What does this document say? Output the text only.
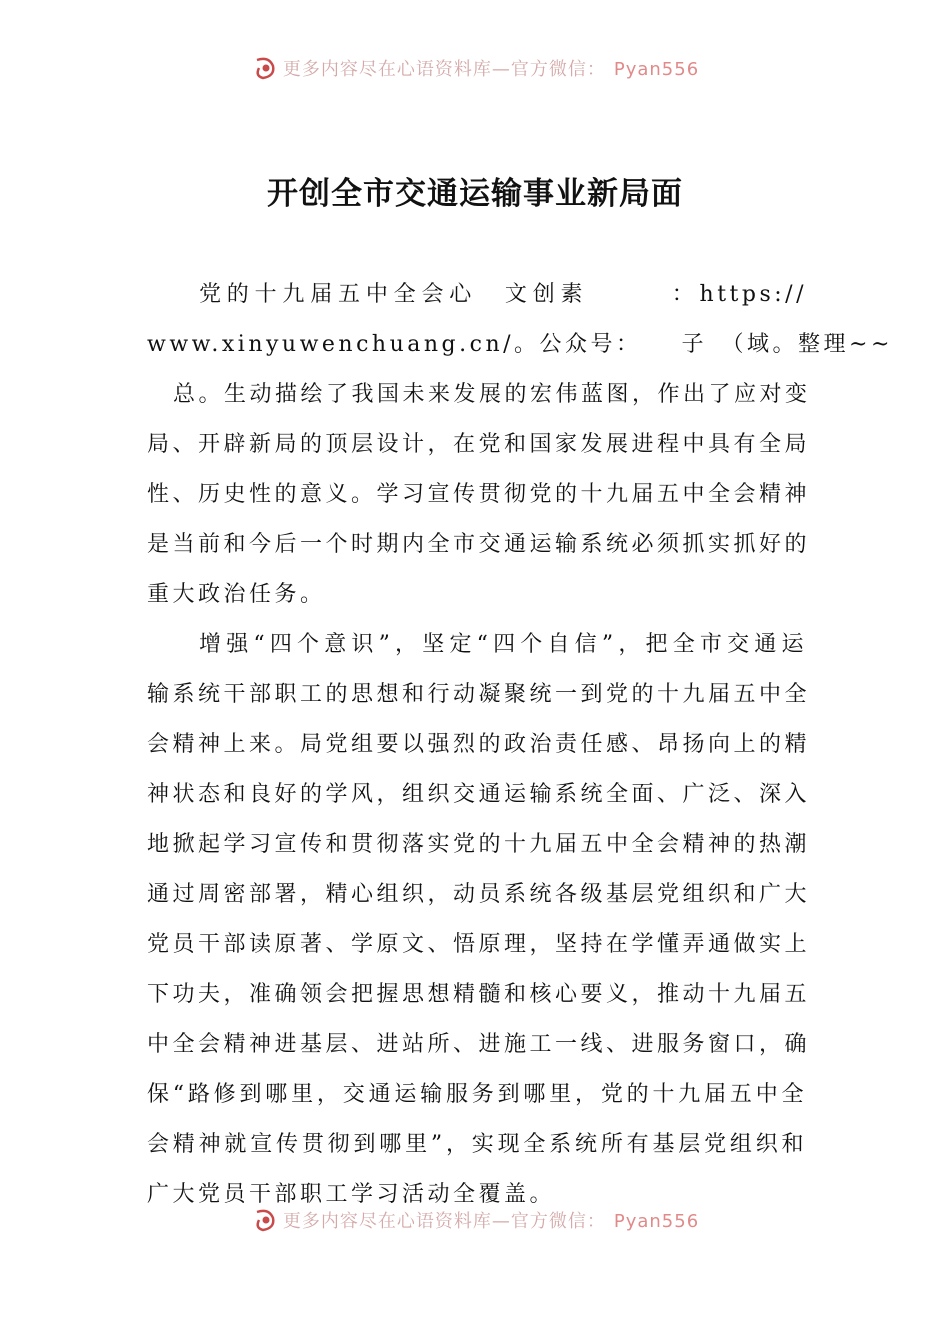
更多内容尽在心语资料库—官方微信： Pyan556
开创全市交通运输事业新局面
党的十九届五中全会心　文创素　　　：https://
www.xinyuwenchuang.cn/。公众号：　　子　（域。整理~~
总。生动描绘了我国未来发展的宏伟蓝图，作出了应对变
局、开辟新局的顶层设计，在党和国家发展进程中具有全局
性、历史性的意义。学习宣传贯彻党的十九届五中全会精神
是当前和今后一个时期内全市交通运输系统必须抓实抓好的
重大政治任务。
增强“四个意识”，坚定“四个自信”，把全市交通运
输系统干部职工的思想和行动凝聚统一到党的十九届五中全
会精神上来。局党组要以强烈的政治责任感、昂扬向上的精
神状态和良好的学风，组织交通运输系统全面、广泛、深入
地掀起学习宣传和贯彻落实党的十九届五中全会精神的热潮
通过周密部署，精心组织，动员系统各级基层党组织和广大
党员干部读原著、学原文、悟原理，坚持在学懂弄通做实上
下功夫，准确领会把握思想精髓和核心要义，推动十九届五
中全会精神进基层、进站所、进施工一线、进服务窗口，确
保“路修到哪里，交通运输服务到哪里，党的十九届五中全
会精神就宣传贯彻到哪里”，实现全系统所有基层党组织和
广大党员干部职工学习活动全覆盖。
更多内容尽在心语资料库—官方微信： Pyan556
